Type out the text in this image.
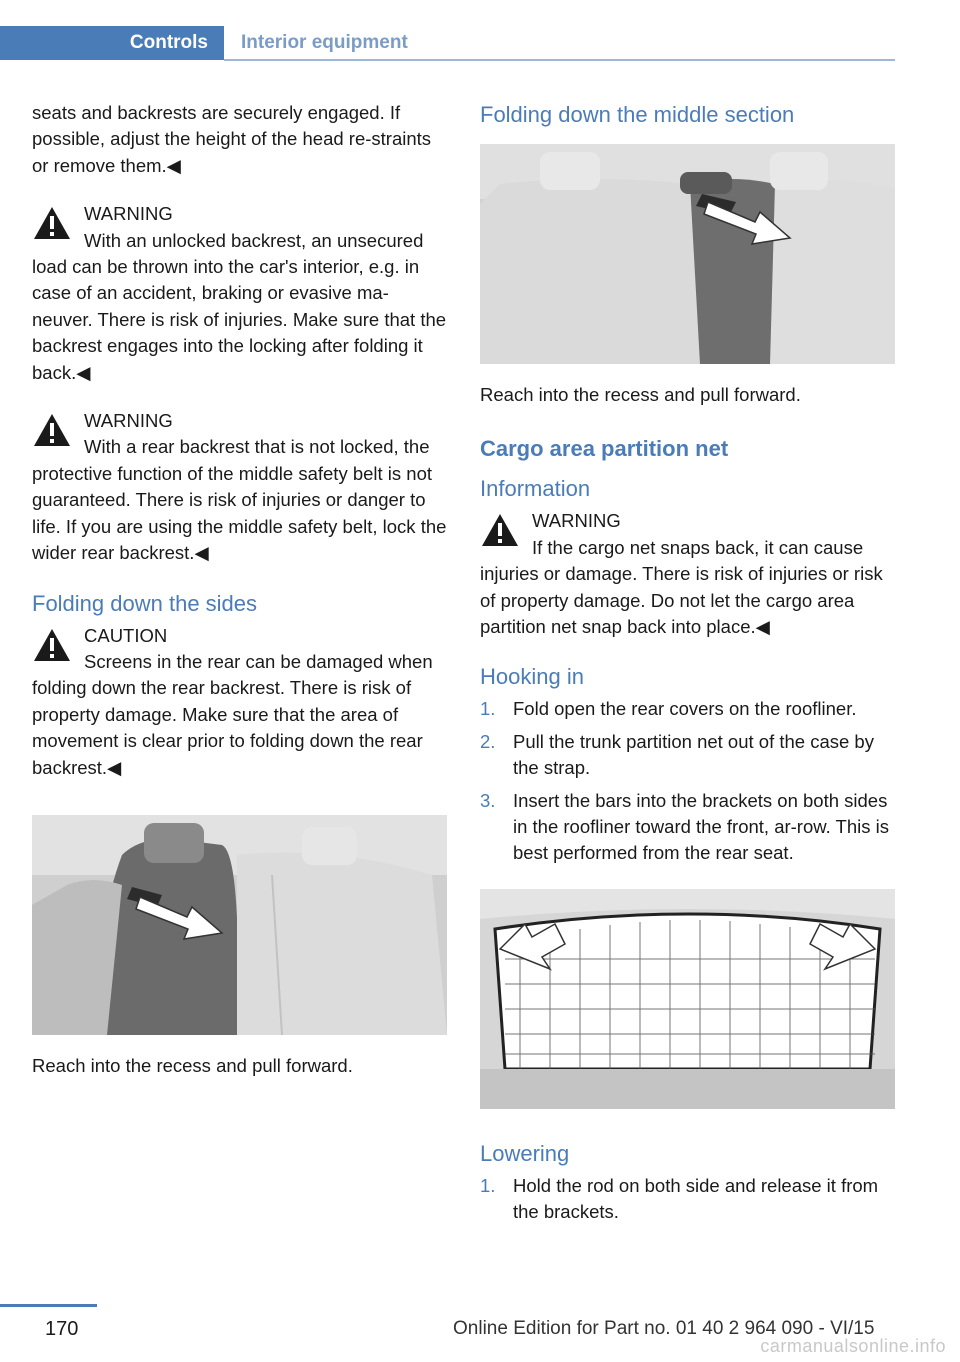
Controls	Interior equipment

seats and backrests are securely engaged. If possible, adjust the height of the head re‐straints or remove them.◀

WARNING
With an unlocked backrest, an unsecured load can be thrown into the car's interior, e.g. in case of an accident, braking or evasive ma‐neuver. There is risk of injuries. Make sure that the backrest engages into the locking after folding it back.◀
WARNING
With a rear backrest that is not locked, the protective function of the middle safety belt is not guaranteed. There is risk of injuries or danger to life. If you are using the middle safety belt, lock the wider rear backrest.◀
Folding down the sides
CAUTION
Screens in the rear can be damaged when folding down the rear backrest. There is risk of property damage. Make sure that the area of movement is clear prior to folding down the rear backrest.◀

Reach into the recess and pull forward.

Folding down the middle section

Reach into the recess and pull forward.

Cargo area partition net
Information
WARNING
If the cargo net snaps back, it can cause injuries or damage. There is risk of injuries or risk of property damage. Do not let the cargo area partition net snap back into place.◀
Hooking in
1. Fold open the rear covers on the roofliner.
2. Pull the trunk partition net out of the case by the strap.
3. Insert the bars into the brackets on both sides in the roofliner toward the front, ar‐row. This is best performed from the rear seat.
Lowering
1. Hold the rod on both side and release it from the brackets.
170	Online Edition for Part no. 01 40 2 964 090 - VI/15
carmanualsonline.info
